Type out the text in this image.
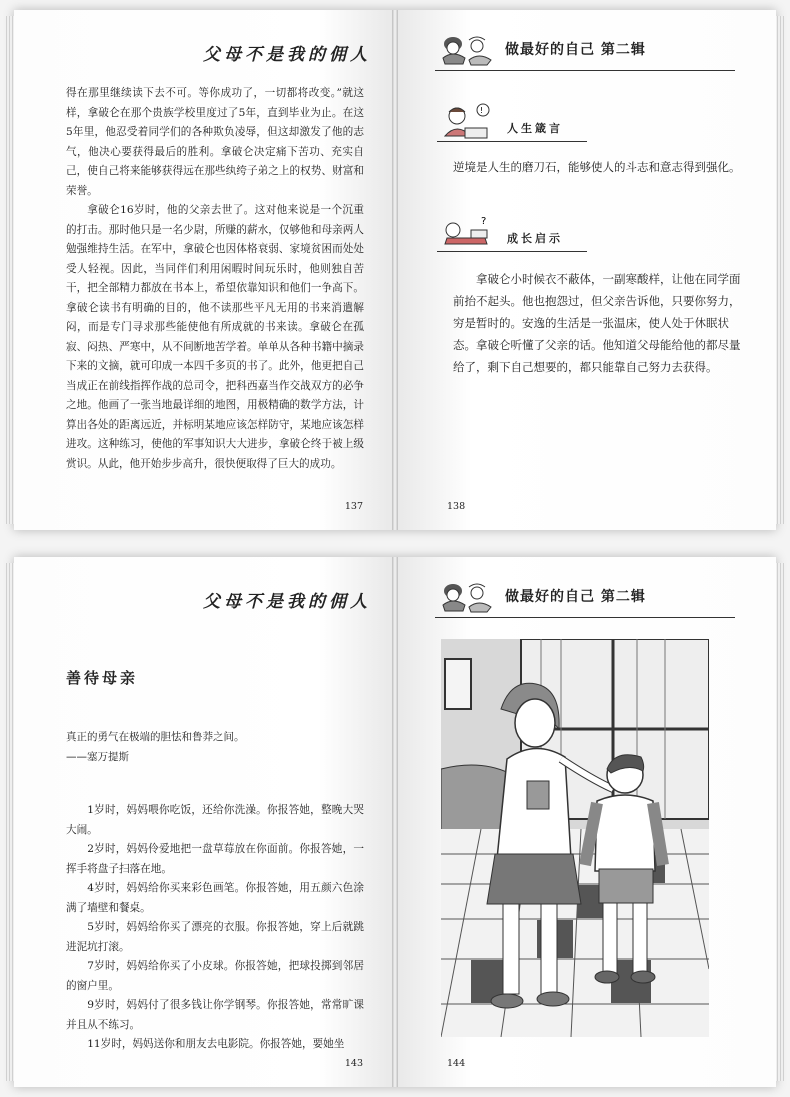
父母不是我的佣人

得在那里继续读下去不可。等你成功了，一切都将改变。”就这样，拿破仑在那个贵族学校里度过了5年，直到毕业为止。在这5年里，他忍受着同学们的各种欺负凌辱，但这却激发了他的志气，他决心要获得最后的胜利。拿破仑决定痛下苦功、充实自己，使自己将来能够获得远在那些纨绔子弟之上的权势、财富和荣誉。

拿破仑16岁时，他的父亲去世了。这对他来说是一个沉重的打击。那时他只是一名少尉，所赚的薪水，仅够他和母亲两人勉强维持生活。在军中，拿破仑也因体格衰弱、家境贫困而处处受人轻视。因此，当同伴们利用闲暇时间玩乐时，他则独自苦干，把全部精力都放在书本上，希望依靠知识和他们一争高下。拿破仑读书有明确的目的，他不读那些平凡无用的书来消遣解闷，而是专门寻求那些能使他有所成就的书来读。拿破仑在孤寂、闷热、严寒中，从不间断地苦学着。单单从各种书籍中摘录下来的文摘，就可印成一本四千多页的书了。此外，他更把自己当成正在前线指挥作战的总司令，把科西嘉当作交战双方的必争之地。他画了一张当地最详细的地图，用极精确的数学方法，计算出各处的距离远近，并标明某地应该怎样防守，某地应该怎样进攻。这种练习，使他的军事知识大大进步，拿破仑终于被上级赏识。从此，他开始步步高升，很快便取得了巨大的成功。

137
做最好的自己 第二辑
!
人生箴言
逆境是人生的磨刀石，能够使人的斗志和意志得到强化。
?
成长启示
拿破仑小时候衣不蔽体，一副寒酸样，让他在同学面前抬不起头。他也抱怨过，但父亲告诉他，只要你努力，穷是暂时的。安逸的生活是一张温床，使人处于休眠状态。拿破仑听懂了父亲的话。他知道父母能给他的都尽量给了，剩下自己想要的，都只能靠自己努力去获得。
138
父母不是我的佣人
善待母亲
真正的勇气在极端的胆怯和鲁莽之间。
——塞万提斯

1岁时，妈妈喂你吃饭，还给你洗澡。你报答她，整晚大哭大闹。

2岁时，妈妈伶爱地把一盘草莓放在你面前。你报答她，一挥手将盘子扫落在地。

4岁时，妈妈给你买来彩色画笔。你报答她，用五颜六色涂满了墙壁和餐桌。

5岁时，妈妈给你买了漂亮的衣服。你报答她，穿上后就跳进泥坑打滚。

7岁时，妈妈给你买了小皮球。你报答她，把球投掷到邻居的窗户里。

9岁时，妈妈付了很多钱让你学钢琴。你报答她，常常旷课并且从不练习。

11岁时，妈妈送你和朋友去电影院。你报答她，要她坐

143
做最好的自己 第二辑
144
